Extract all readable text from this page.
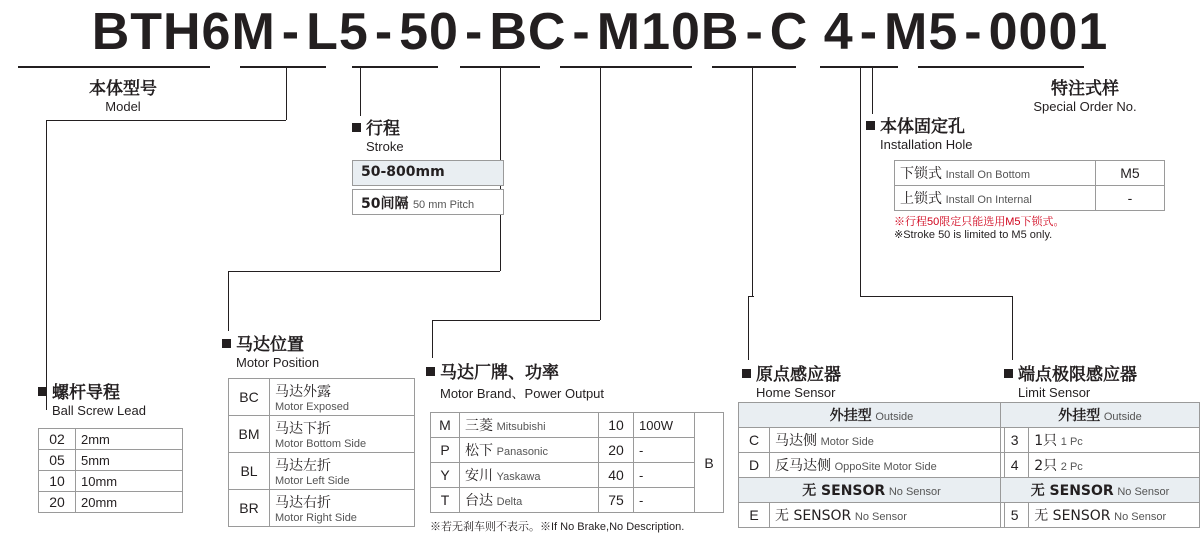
BTH6M - L5 - 50 - BC - M10B - C 4 - M5 - 0001
本体型号
Model
特注式样
Special Order No.
行程
Stroke
本体固定孔
Installation Hole
螺杆导程
Ball Screw Lead
马达位置
Motor Position
马达厂牌、功率
Motor Brand、Power Output
原点感应器
Home Sensor
端点极限感应器
Limit Sensor
50-800mm
50间隔 50 mm Pitch
下锁式 Install On Bottom	M5
上锁式 Install On Internal	-
※行程50限定只能选用M5下锁式。
※Stroke 50 is limited to M5 only.
02	2mm
05	5mm
10	10mm
20	20mm
BC	马达外露
Motor Exposed

BM	马达下折
Motor Bottom Side

BL	马达左折
Motor Left Side

BR	马达右折
Motor Right Side
M	三菱 Mitsubishi	10	100W	B
P	松下 Panasonic	20	-	
Y	安川 Yaskawa	40	-	
T	台达 Delta	75	-	
※若无刹车则不表示。※If No Brake,No Description.
外挂型 Outside	
C	马达侧 Motor Side
D	反马达侧 OppoSite Motor Side
无 SENSOR No Sensor	
E	无 SENSOR No Sensor
外挂型 Outside	
3	1只 1 Pc
4	2只 2 Pc
无 SENSOR No Sensor	
5	无 SENSOR No Sensor
